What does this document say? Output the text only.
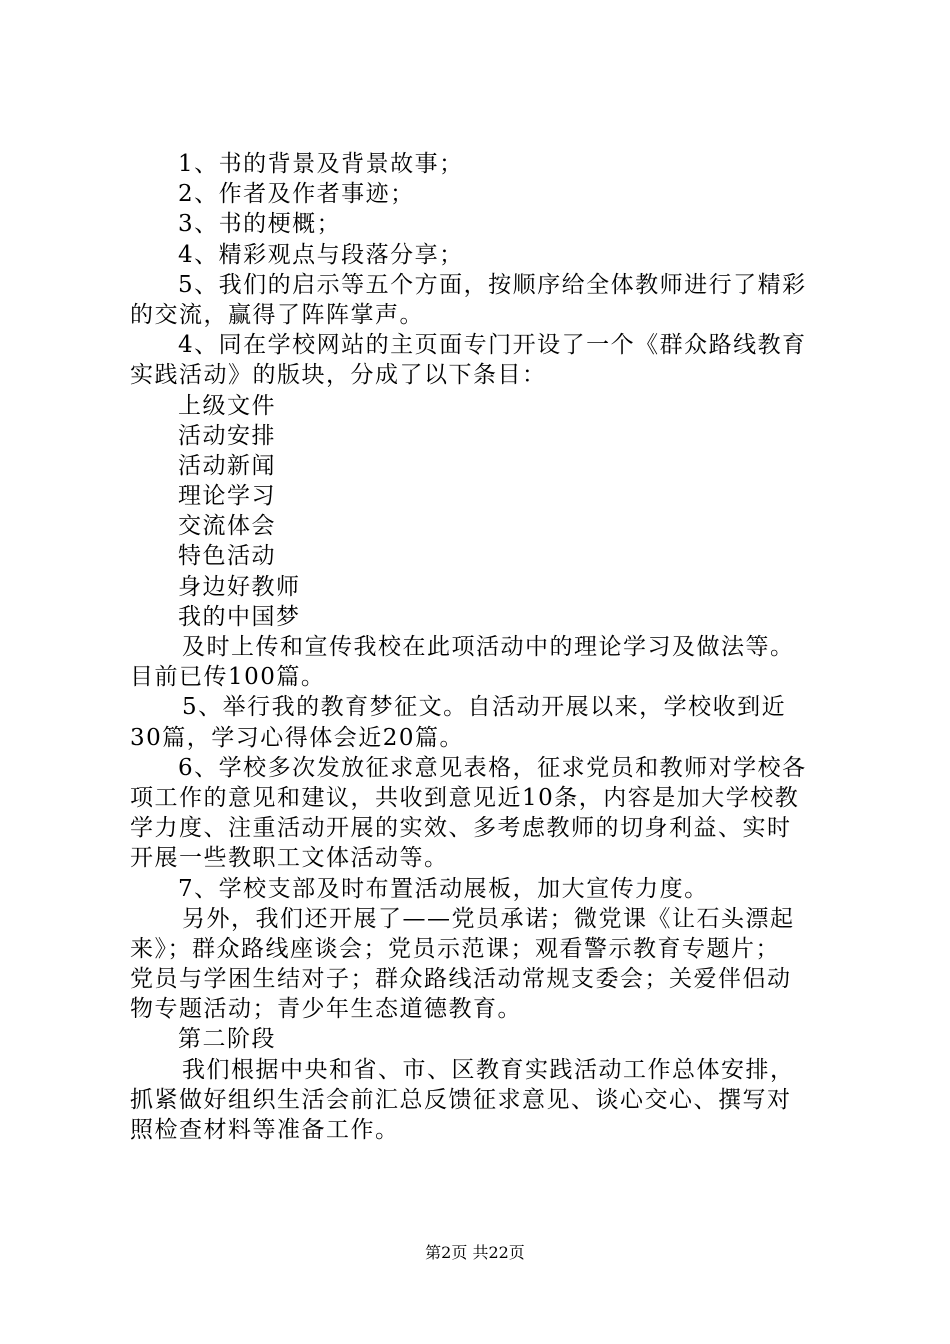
1、书的背景及背景故事；
2、作者及作者事迹；
3、书的梗概；
4、精彩观点与段落分享；
5、我们的启示等五个方面，按顺序给全体教师进行了精彩
的交流，赢得了阵阵掌声。
4、同在学校网站的主页面专门开设了一个《群众路线教育
实践活动》的版块，分成了以下条目：
上级文件
活动安排
活动新闻
理论学习
交流体会
特色活动
身边好教师
我的中国梦
及时上传和宣传我校在此项活动中的理论学习及做法等。
目前已传100篇。
5、举行我的教育梦征文。自活动开展以来，学校收到近
30篇，学习心得体会近20篇。
6、学校多次发放征求意见表格，征求党员和教师对学校各
项工作的意见和建议，共收到意见近10条，内容是加大学校教
学力度、注重活动开展的实效、多考虑教师的切身利益、实时
开展一些教职工文体活动等。
7、学校支部及时布置活动展板，加大宣传力度。
另外，我们还开展了——党员承诺；微党课《让石头漂起
来》；群众路线座谈会；党员示范课；观看警示教育专题片；
党员与学困生结对子；群众路线活动常规支委会；关爱伴侣动
物专题活动；青少年生态道德教育。
第二阶段
我们根据中央和省、市、区教育实践活动工作总体安排，
抓紧做好组织生活会前汇总反馈征求意见、谈心交心、撰写对
照检查材料等准备工作。
第2页 共22页
